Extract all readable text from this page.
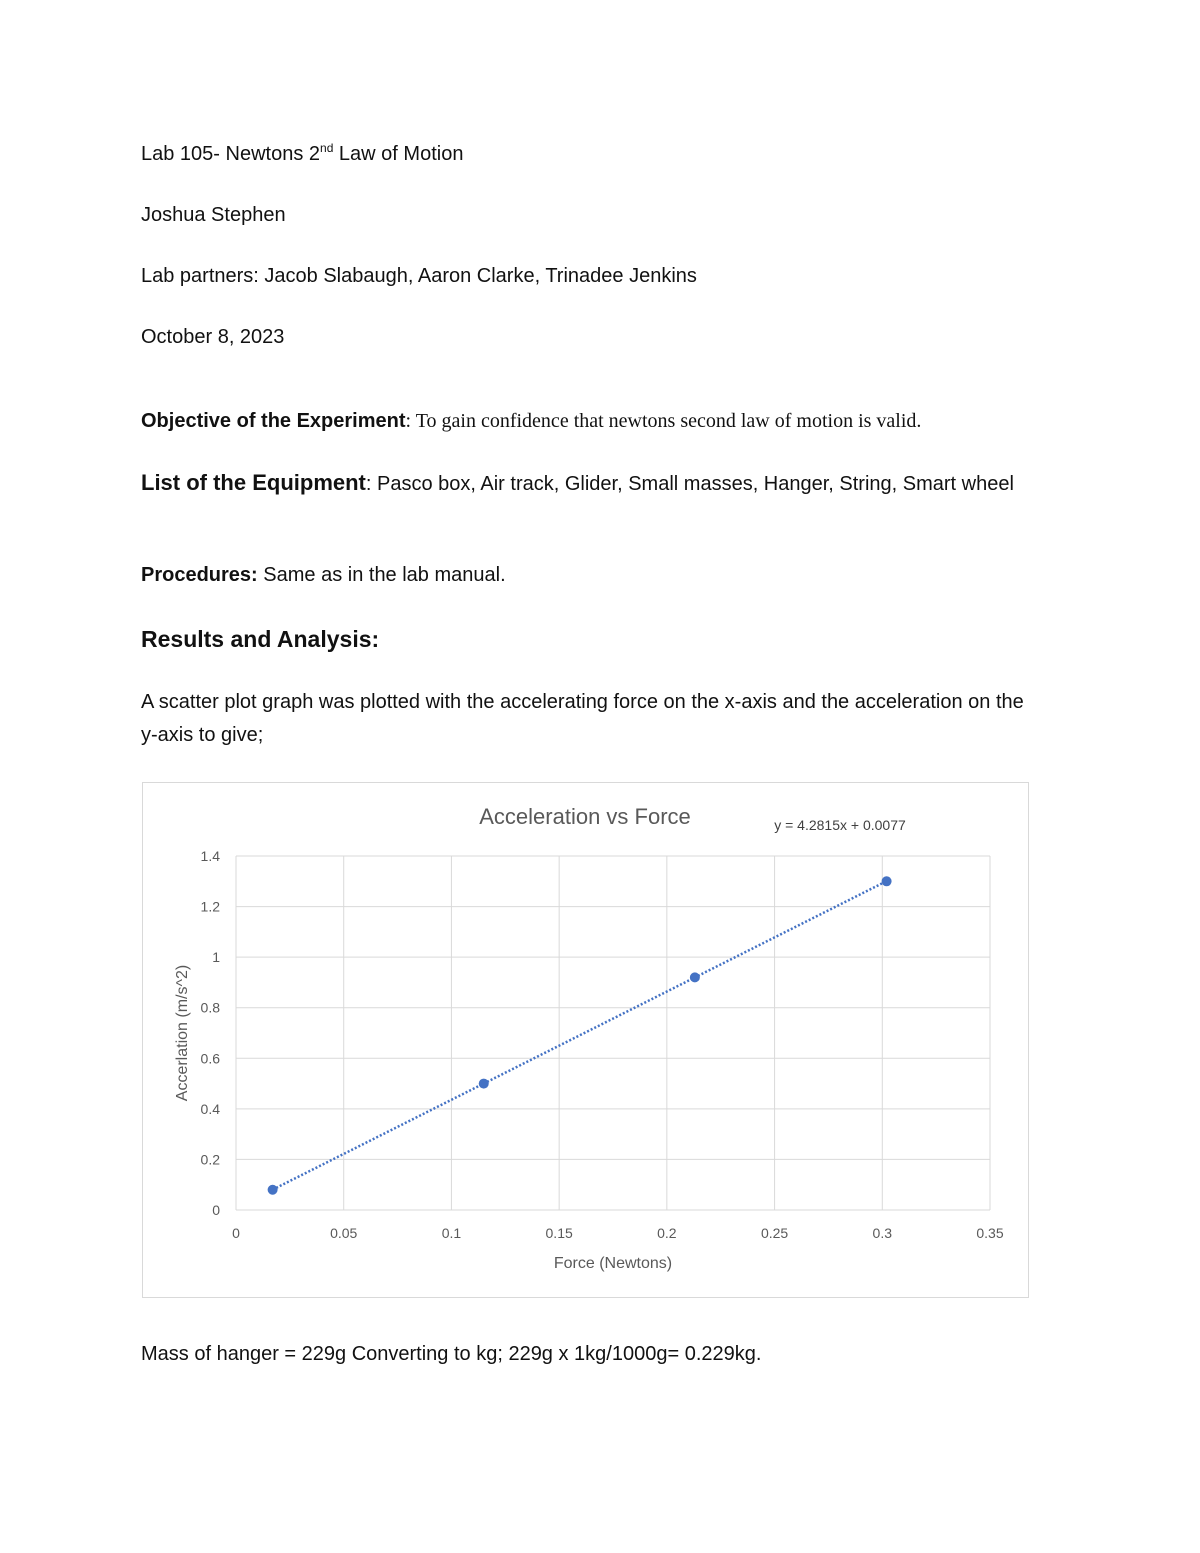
Lab 105- Newtons 2nd Law of Motion
Joshua Stephen
Lab partners: Jacob Slabaugh, Aaron Clarke, Trinadee Jenkins
October 8, 2023
Objective of the Experiment: To gain confidence that newtons second law of motion is valid.
List of the Equipment: Pasco box, Air track, Glider, Small masses, Hanger, String, Smart wheel
Procedures: Same as in the lab manual.
Results and Analysis:
A scatter plot graph was plotted with the accelerating force on the x-axis and the acceleration on the y-axis to give;
Acceleration vs Force	y = 4.2815x + 0.0077
0	0.05	0.1	0.15	0.2	0.25	0.3	0.35
0
0.2
0.4
0.6
0.8
1
1.2
1.4
Force (Newtons)
Accerlation (m/s^2)
Mass of hanger = 229g Converting to kg; 229g x 1kg/1000g= 0.229kg.
